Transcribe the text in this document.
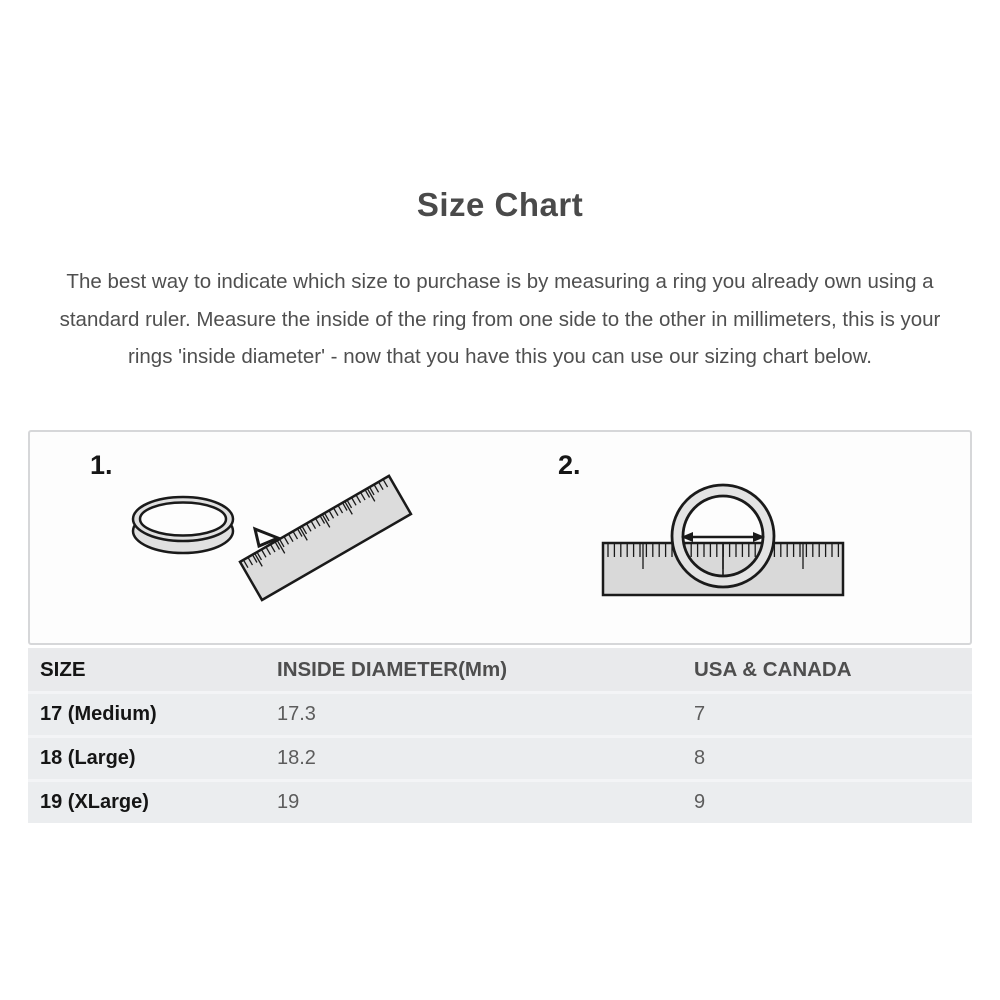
Size Chart

The best way to indicate which size to purchase is by measuring a ring you already own using a standard ruler. Measure the inside of the ring from one side to the other in millimeters, this is your rings 'inside diameter' - now that you have this you can use our sizing chart below.

1.	2.
SIZE	INSIDE DIAMETER(Mm)	USA & CANADA
17 (Medium)	17.3	7
18 (Large)	18.2	8
19 (XLarge)	19	9
